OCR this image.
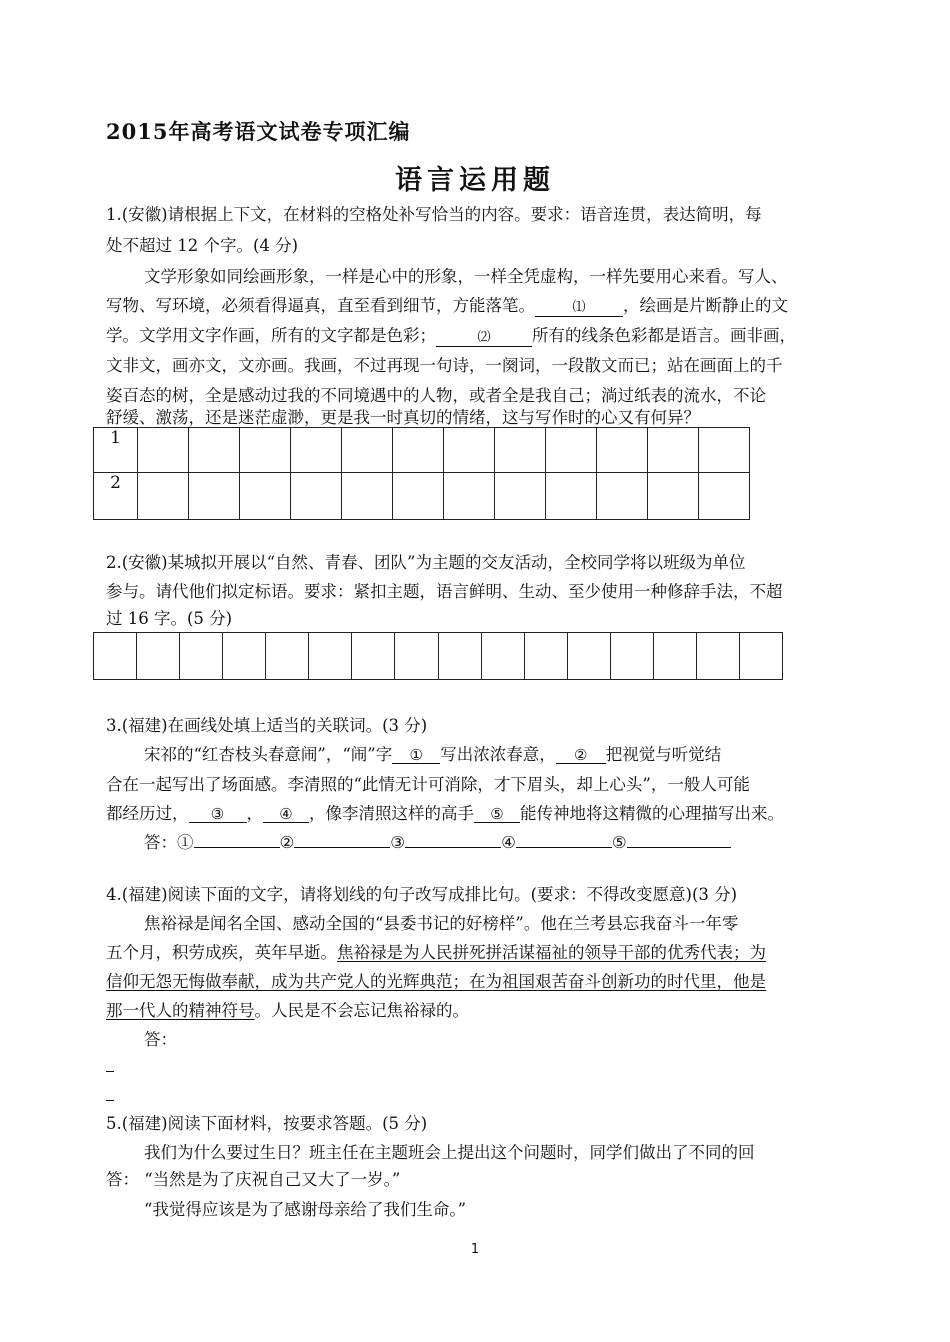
2015年高考语文试卷专项汇编
语言运用题
1.(安徽)请根据上下文，在材料的空格处补写恰当的内容。要求：语音连贯，表达简明，每
处不超过 12 个字。(4 分)
文学形象如同绘画形象，一样是心中的形象，一样全凭虚构，一样先要用心来看。写人、
写物、写环境，必须看得逼真，直至看到细节，方能落笔。	⑴ ，绘画是片断静止的文
学。文学用文字作画，所有的文字都是色彩；	⑵	所有的线条色彩都是语言。画非画，
文非文，画亦文，文亦画。我画，不过再现一句诗，一阕词，一段散文而已；站在画面上的千
姿百态的树，全是感动过我的不同境遇中的人物，或者全是我自己；淌过纸表的流水，不论
舒缓、激荡，还是迷茫虚渺，更是我一时真切的情绪，这与写作时的心又有何异？
1												
2												
2.(安徽)某城拟开展以“自然、青春、团队”为主题的交友活动，全校同学将以班级为单位
参与。请代他们拟定标语。要求：紧扣主题，语言鲜明、生动、至少使用一种修辞手法，不超
过 16 字。(5 分)

3.(福建)在画线处填上适当的关联词。(3 分)
宋祁的“红杏枝头春意闹”，“闹”字 ① 写出浓浓春意， ② 把视觉与听觉结
合在一起写出了场面感。李清照的“此情无计可消除，才下眉头，却上心头”，一般人可能
都经历过， ③ ， ④ ，像李清照这样的高手 ⑤ 能传神地将这精微的心理描写出来。
答：①	②	③	④	⑤
4.(福建)阅读下面的文字，请将划线的句子改写成排比句。(要求：不得改变愿意)(3 分)
焦裕禄是闻名全国、感动全国的“县委书记的好榜样”。他在兰考县忘我奋斗一年零
五个月，积劳成疾，英年早逝。焦裕禄是为人民拼死拼活谋福祉的领导干部的优秀代表；为
信仰无怨无悔做奉献，成为共产党人的光辉典范；在为祖国艰苦奋斗创新功的时代里，他是
那一代人的精神符号。人民是不会忘记焦裕禄的。
答：
5.(福建)阅读下面材料，按要求答题。(5 分)
我们为什么要过生日？班主任在主题班会上提出这个问题时，同学们做出了不同的回
答： “当然是为了庆祝自己又大了一岁。”
“我觉得应该是为了感谢母亲给了我们生命。”
1
